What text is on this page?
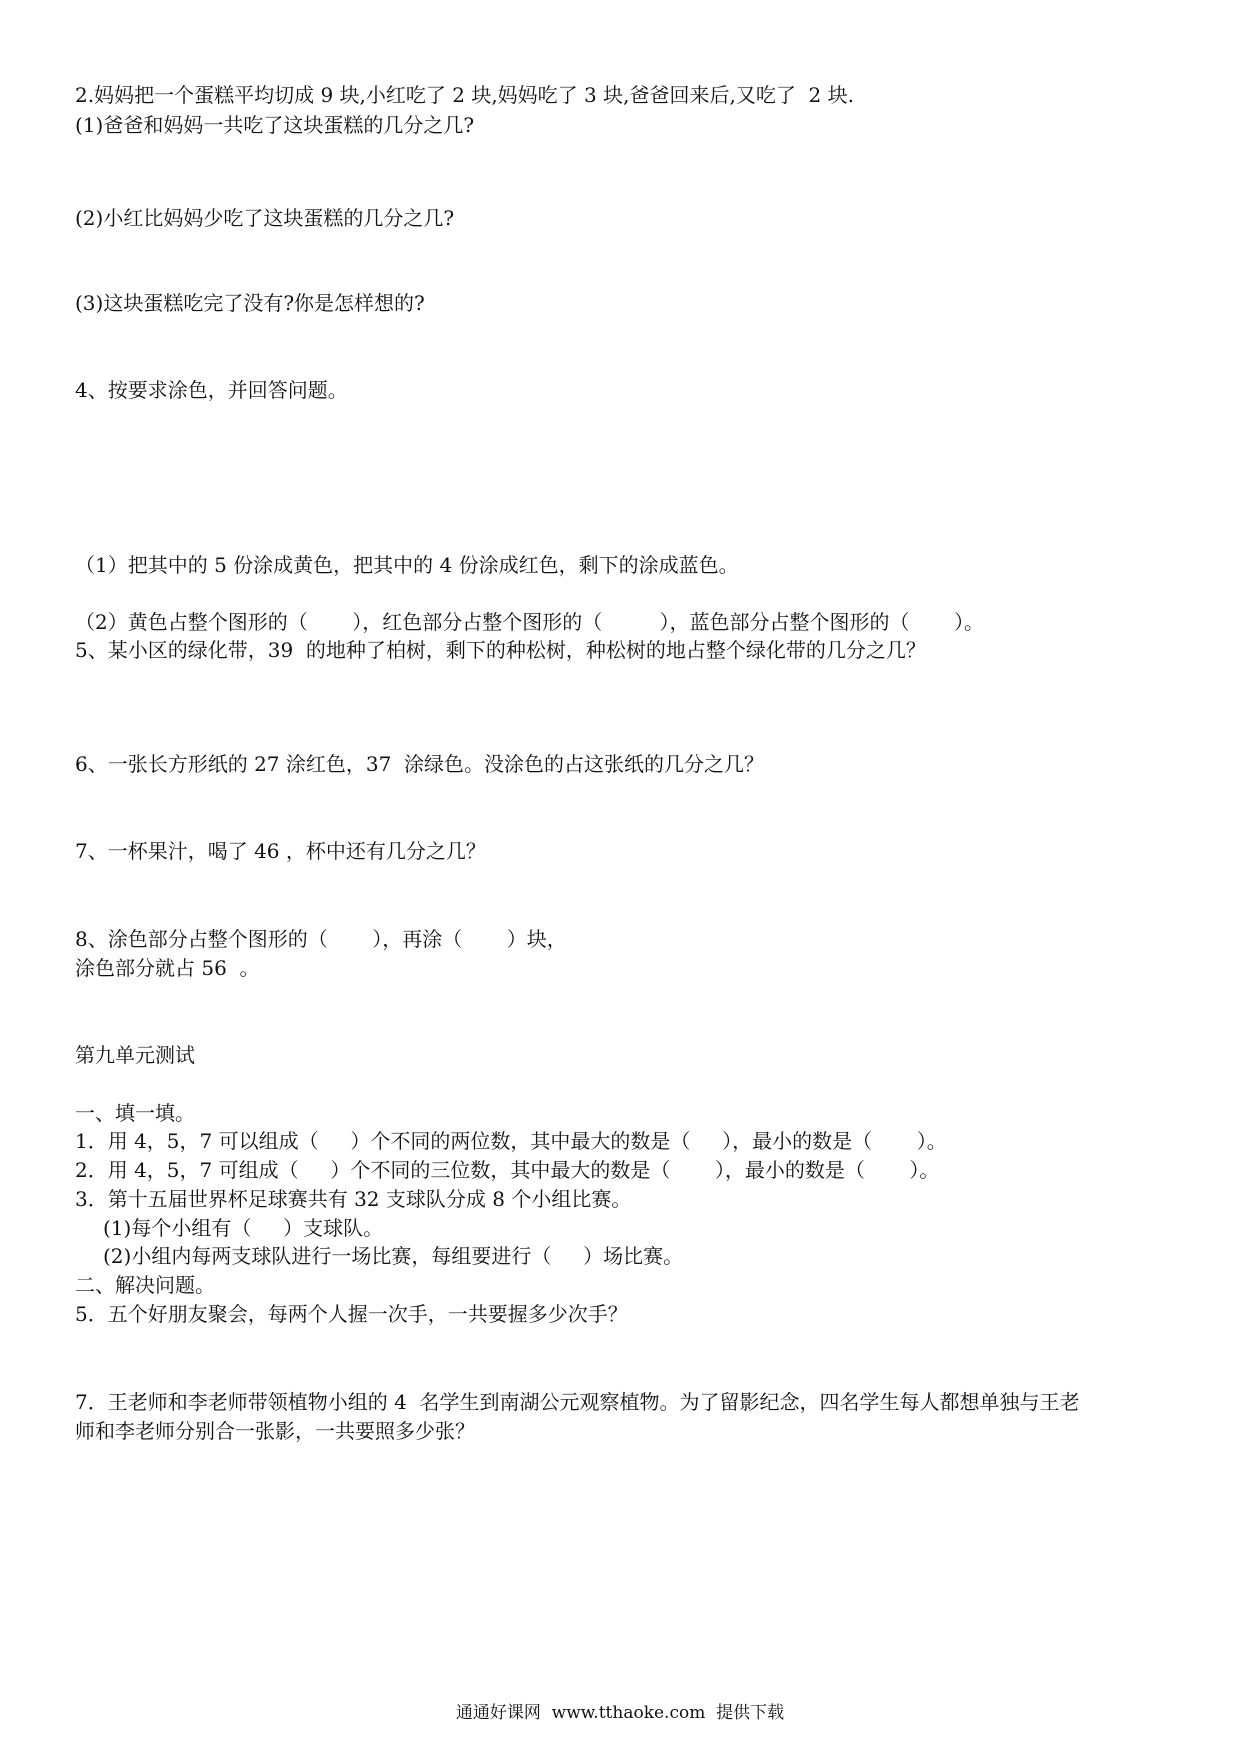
2.妈妈把一个蛋糕平均切成 9 块,小红吃了 2 块,妈妈吃了 3 块,爸爸回来后,又吃了  2 块.
(1)爸爸和妈妈一共吃了这块蛋糕的几分之几?
(2)小红比妈妈少吃了这块蛋糕的几分之几?
(3)这块蛋糕吃完了没有?你是怎样想的?
4、按要求涂色，并回答问题。
（1）把其中的 5 份涂成黄色，把其中的 4 份涂成红色，剩下的涂成蓝色。
（2）黄色占整个图形的（       ），红色部分占整个图形的（         ），蓝色部分占整个图形的（       ）。
5、某小区的绿化带，39  的地种了柏树，剩下的种松树，种松树的地占整个绿化带的几分之几？
6、一张长方形纸的 27 涂红色，37  涂绿色。没涂色的占这张纸的几分之几？
7、一杯果汁，喝了 46 ，杯中还有几分之几？
8、涂色部分占整个图形的（       ），再涂（       ）块，
涂色部分就占 56  。
第九单元测试
一、填一填。
1．用 4，5，7 可以组成（     ）个不同的两位数，其中最大的数是（     ），最小的数是（       ）。
2．用 4，5，7 可组成（     ）个不同的三位数，其中最大的数是（       ），最小的数是（       ）。
3．第十五届世界杯足球赛共有 32 支球队分成 8 个小组比赛。
(1)每个小组有（     ）支球队。
(2)小组内每两支球队进行一场比赛，每组要进行（     ）场比赛。
二、解决问题。
5．五个好朋友聚会，每两个人握一次手，一共要握多少次手？
7．王老师和李老师带领植物小组的 4  名学生到南湖公元观察植物。为了留影纪念，四名学生每人都想单独与王老
师和李老师分别合一张影，一共要照多少张？
通通好课网  www.tthaoke.com  提供下载
